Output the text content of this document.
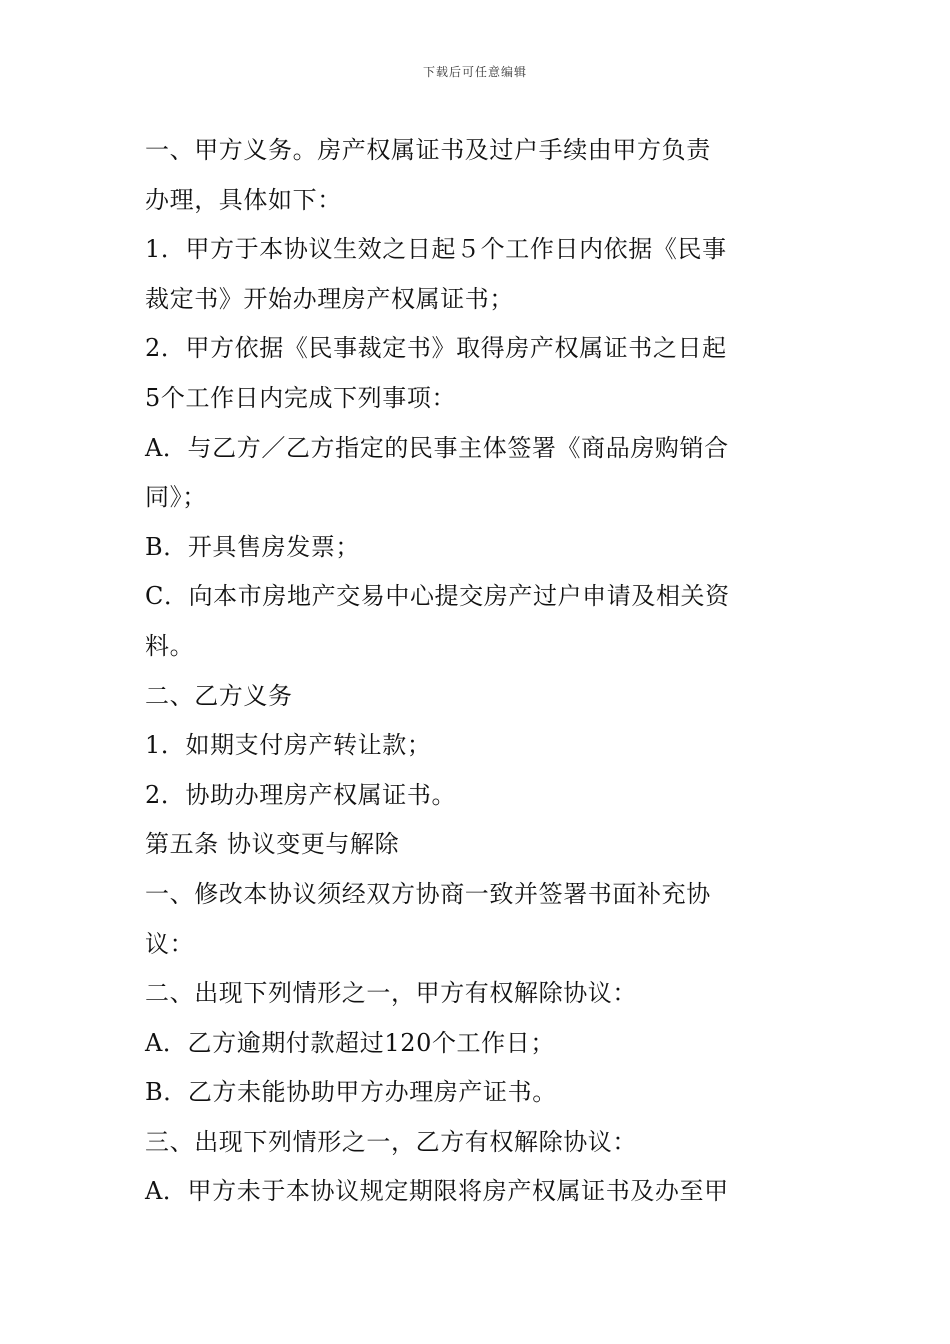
下载后可任意编辑

一、甲方义务。房产权属证书及过户手续由甲方负责

办理，具体如下：

1．甲方于本协议生效之日起５个工作日内依据《民事

裁定书》开始办理房产权属证书；

2．甲方依据《民事裁定书》取得房产权属证书之日起

5个工作日内完成下列事项：

A．与乙方／乙方指定的民事主体签署《商品房购销合

同》；

B．开具售房发票；

C．向本市房地产交易中心提交房产过户申请及相关资

料。

二、乙方义务

1．如期支付房产转让款；

2．协助办理房产权属证书。

第五条 协议变更与解除

一、修改本协议须经双方协商一致并签署书面补充协

议：

二、出现下列情形之一，甲方有权解除协议：

A．乙方逾期付款超过120个工作日；

B．乙方未能协助甲方办理房产证书。

三、出现下列情形之一，乙方有权解除协议：

A．甲方未于本协议规定期限将房产权属证书及办至甲
